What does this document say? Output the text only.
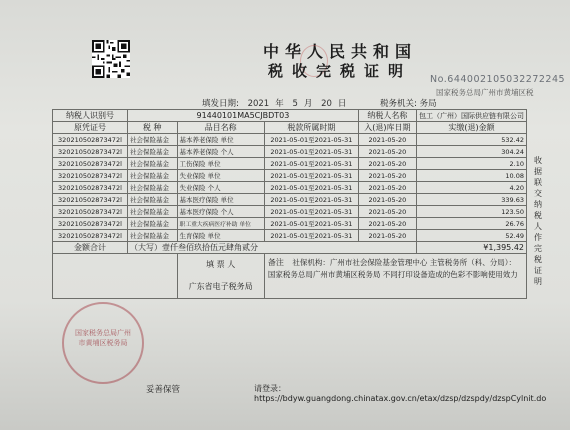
中华人民共和国
税收完税证明	No.644002105032272245
国家税务总局广州市黄埔区税
填发日期: 2021 年 5 月 20 日	税务机关: 务局
纳税人识别号	91440101MA5CJBDT03			纳税人名称	包工（广州）国际供应链有限公司
原凭证号	税 种	品目名称	税款所属时期	入(退)库日期	实缴(退)金额
320210502873472l	社会保险基金	基本养老保险 单位	2021-05-01至2021-05-31	2021-05-20	532.42
320210502873472l	社会保险基金	基本养老保险 个人	2021-05-01至2021-05-31	2021-05-20	304.24
320210502873472l	社会保险基金	工伤保险 单位	2021-05-01至2021-05-31	2021-05-20	2.10
320210502873472l	社会保险基金	失业保险 单位	2021-05-01至2021-05-31	2021-05-20	10.08
320210502873472l	社会保险基金	失业保险 个人	2021-05-01至2021-05-31	2021-05-20	4.20
320210502873472l	社会保险基金	基本医疗保险 单位	2021-05-01至2021-05-31	2021-05-20	339.63
320210502873472l	社会保险基金	基本医疗保险 个人	2021-05-01至2021-05-31	2021-05-20	123.50
320210502873472l	社会保险基金	职工重大疾病医疗补助 单位	2021-05-01至2021-05-31	2021-05-20	26.76
320210502873472l	社会保险基金	生育保险 单位	2021-05-01至2021-05-31	2021-05-20	52.49
金额合计	（大写）壹仟叁佰玖拾伍元肆角贰分				¥1,395.42

		填 票 人
广东省电子税务局	备注 社保机构：广州市社会保险基金管理中心 主管税务所（科、分局）：国家税务总局广州市黄埔区税务局 不同打印设备造成的色彩不影响使用效力		
收据联 交纳税人作完税证明
国家税务总局广州市黄埔区税务局
妥善保管	请登录：https://bdyw.guangdong.chinatax.gov.cn/etax/dzsp/dzspdy/dzspCylnit.do
